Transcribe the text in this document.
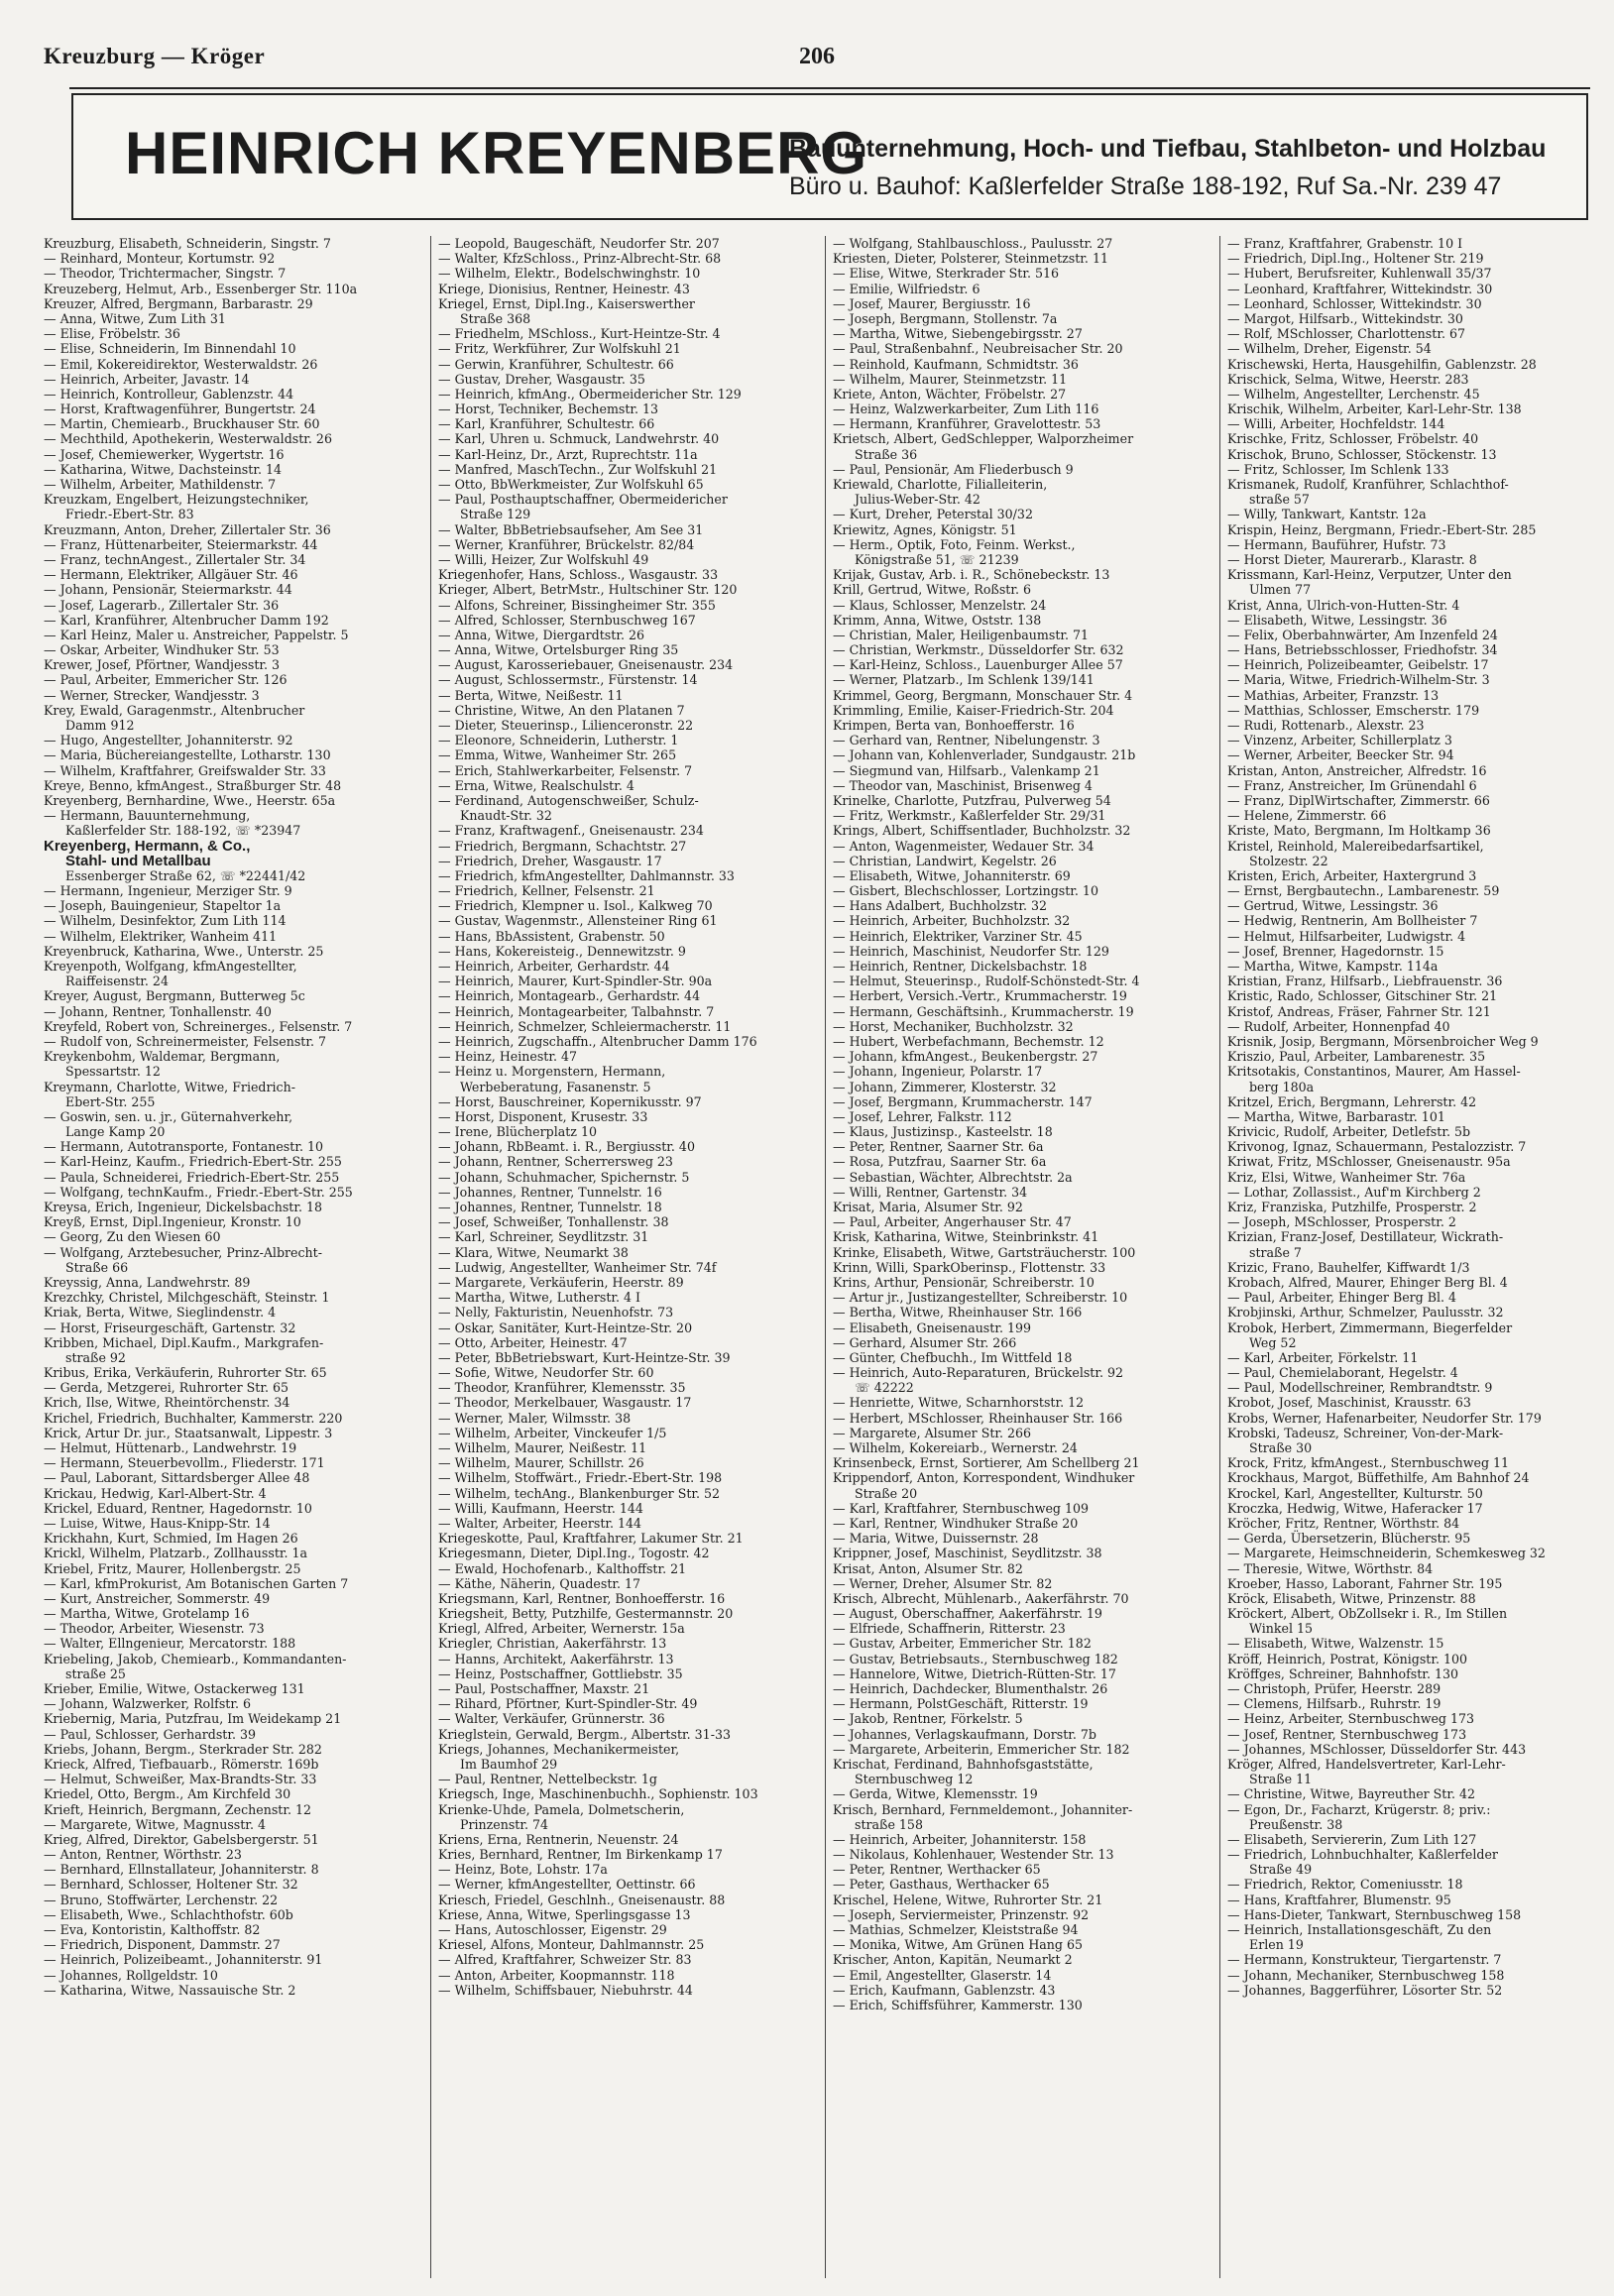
Kreuzburg — Kröger	206
HEINRICH KREYENBERG
Bauunternehmung, Hoch- und Tiefbau, Stahlbeton- und Holzbau
Büro u. Bauhof: Kaßlerfelder Straße 188-192, Ruf Sa.-Nr. 239 47
Kreuzburg, Elisabeth, Schneiderin, Singstr. 7
— Reinhard, Monteur, Kortumstr. 92
— Theodor, Trichtermacher, Singstr. 7
Kreuzeberg, Helmut, Arb., Essenberger Str. 110a
Kreuzer, Alfred, Bergmann, Barbarastr. 29
— Anna, Witwe, Zum Lith 31
— Elise, Fröbelstr. 36
— Elise, Schneiderin, Im Binnendahl 10
— Emil, Kokereidirektor, Westerwaldstr. 26
— Heinrich, Arbeiter, Javastr. 14
— Heinrich, Kontrolleur, Gablenzstr. 44
— Horst, Kraftwagenführer, Bungertstr. 24
— Martin, Chemiearb., Bruckhauser Str. 60
— Mechthild, Apothekerin, Westerwaldstr. 26
— Josef, Chemiewerker, Wygertstr. 16
— Katharina, Witwe, Dachsteinstr. 14
— Wilhelm, Arbeiter, Mathildenstr. 7
Kreuzkam, Engelbert, Heizungstechniker,
Friedr.-Ebert-Str. 83
Kreuzmann, Anton, Dreher, Zillertaler Str. 36
— Franz, Hüttenarbeiter, Steiermarkstr. 44
— Franz, technAngest., Zillertaler Str. 34
— Hermann, Elektriker, Allgäuer Str. 46
— Johann, Pensionär, Steiermarkstr. 44
— Josef, Lagerarb., Zillertaler Str. 36
— Karl, Kranführer, Altenbrucher Damm 192
— Karl Heinz, Maler u. Anstreicher, Pappelstr. 5
— Oskar, Arbeiter, Windhuker Str. 53
Krewer, Josef, Pförtner, Wandjesstr. 3
— Paul, Arbeiter, Emmericher Str. 126
— Werner, Strecker, Wandjesstr. 3
Krey, Ewald, Garagenmstr., Altenbrucher
Damm 912
— Hugo, Angestellter, Johanniterstr. 92
— Maria, Büchereiangestellte, Lotharstr. 130
— Wilhelm, Kraftfahrer, Greifswalder Str. 33
Kreye, Benno, kfmAngest., Straßburger Str. 48
Kreyenberg, Bernhardine, Wwe., Heerstr. 65a
— Hermann, Bauunternehmung,
Kaßlerfelder Str. 188-192, ☏ *23947
Kreyenberg, Hermann, & Co.,
Stahl- und Metallbau
Essenberger Straße 62, ☏ *22441/42
— Hermann, Ingenieur, Merziger Str. 9
— Joseph, Bauingenieur, Stapeltor 1a
— Wilhelm, Desinfektor, Zum Lith 114
— Wilhelm, Elektriker, Wanheim 411
Kreyenbruck, Katharina, Wwe., Unterstr. 25
Kreyenpoth, Wolfgang, kfmAngestellter,
Raiffeisenstr. 24
Kreyer, August, Bergmann, Butterweg 5c
— Johann, Rentner, Tonhallenstr. 40
Kreyfeld, Robert von, Schreinerges., Felsenstr. 7
— Rudolf von, Schreinermeister, Felsenstr. 7
Kreykenbohm, Waldemar, Bergmann,
Spessartstr. 12
Kreymann, Charlotte, Witwe, Friedrich-
Ebert-Str. 255
— Goswin, sen. u. jr., Güternahverkehr,
Lange Kamp 20
— Hermann, Autotransporte, Fontanestr. 10
— Karl-Heinz, Kaufm., Friedrich-Ebert-Str. 255
— Paula, Schneiderei, Friedrich-Ebert-Str. 255
— Wolfgang, technKaufm., Friedr.-Ebert-Str. 255
Kreysa, Erich, Ingenieur, Dickelsbachstr. 18
Kreyß, Ernst, Dipl.Ingenieur, Kronstr. 10
— Georg, Zu den Wiesen 60
— Wolfgang, Arztebesucher, Prinz-Albrecht-
Straße 66
Kreyssig, Anna, Landwehrstr. 89
Krezchky, Christel, Milchgeschäft, Steinstr. 1
Kriak, Berta, Witwe, Sieglindenstr. 4
— Horst, Friseurgeschäft, Gartenstr. 32
Kribben, Michael, Dipl.Kaufm., Markgrafen-
straße 92
Kribus, Erika, Verkäuferin, Ruhrorter Str. 65
— Gerda, Metzgerei, Ruhrorter Str. 65
Krich, Ilse, Witwe, Rheintörchenstr. 34
Krichel, Friedrich, Buchhalter, Kammerstr. 220
Krick, Artur Dr. jur., Staatsanwalt, Lippestr. 3
— Helmut, Hüttenarb., Landwehrstr. 19
— Hermann, Steuerbevollm., Fliederstr. 171
— Paul, Laborant, Sittardsberger Allee 48
Krickau, Hedwig, Karl-Albert-Str. 4
Krickel, Eduard, Rentner, Hagedornstr. 10
— Luise, Witwe, Haus-Knipp-Str. 14
Krickhahn, Kurt, Schmied, Im Hagen 26
Krickl, Wilhelm, Platzarb., Zollhausstr. 1a
Kriebel, Fritz, Maurer, Hollenbergstr. 25
— Karl, kfmProkurist, Am Botanischen Garten 7
— Kurt, Anstreicher, Sommerstr. 49
— Martha, Witwe, Grotelamp 16
— Theodor, Arbeiter, Wiesenstr. 73
— Walter, Ellngenieur, Mercatorstr. 188
Kriebeling, Jakob, Chemiearb., Kommandanten-
straße 25
Krieber, Emilie, Witwe, Ostackerweg 131
— Johann, Walzwerker, Rolfstr. 6
Kriebernig, Maria, Putzfrau, Im Weidekamp 21
— Paul, Schlosser, Gerhardstr. 39
Kriebs, Johann, Bergm., Sterkrader Str. 282
Krieck, Alfred, Tiefbauarb., Römerstr. 169b
— Helmut, Schweißer, Max-Brandts-Str. 33
Kriedel, Otto, Bergm., Am Kirchfeld 30
Krieft, Heinrich, Bergmann, Zechenstr. 12
— Margarete, Witwe, Magnusstr. 4
Krieg, Alfred, Direktor, Gabelsbergerstr. 51
— Anton, Rentner, Wörthstr. 23
— Bernhard, Ellnstallateur, Johanniterstr. 8
— Bernhard, Schlosser, Holtener Str. 32
— Bruno, Stoffwärter, Lerchenstr. 22
— Elisabeth, Wwe., Schlachthofstr. 60b
— Eva, Kontoristin, Kalthoffstr. 82
— Friedrich, Disponent, Dammstr. 27
— Heinrich, Polizeibeamt., Johanniterstr. 91
— Johannes, Rollgeldstr. 10
— Katharina, Witwe, Nassauische Str. 2
— Leopold, Baugeschäft, Neudorfer Str. 207
— Walter, KfzSchloss., Prinz-Albrecht-Str. 68
— Wilhelm, Elektr., Bodelschwinghstr. 10
Kriege, Dionisius, Rentner, Heinestr. 43
Kriegel, Ernst, Dipl.Ing., Kaiserswerther
Straße 368
— Friedhelm, MSchloss., Kurt-Heintze-Str. 4
— Fritz, Werkführer, Zur Wolfskuhl 21
— Gerwin, Kranführer, Schultestr. 66
— Gustav, Dreher, Wasgaustr. 35
— Heinrich, kfmAng., Obermeidericher Str. 129
— Horst, Techniker, Bechemstr. 13
— Karl, Kranführer, Schultestr. 66
— Karl, Uhren u. Schmuck, Landwehrstr. 40
— Karl-Heinz, Dr., Arzt, Ruprechtstr. 11a
— Manfred, MaschTechn., Zur Wolfskuhl 21
— Otto, BbWerkmeister, Zur Wolfskuhl 65
— Paul, Posthauptschaffner, Obermeidericher
Straße 129
— Walter, BbBetriebsaufseher, Am See 31
— Werner, Kranführer, Brückelstr. 82/84
— Willi, Heizer, Zur Wolfskuhl 49
Kriegenhofer, Hans, Schloss., Wasgaustr. 33
Krieger, Albert, BetrMstr., Hultschiner Str. 120
— Alfons, Schreiner, Bissingheimer Str. 355
— Alfred, Schlosser, Sternbuschweg 167
— Anna, Witwe, Diergardtstr. 26
— Anna, Witwe, Ortelsburger Ring 35
— August, Karosseriebauer, Gneisenaustr. 234
— August, Schlossermstr., Fürstenstr. 14
— Berta, Witwe, Neißestr. 11
— Christine, Witwe, An den Platanen 7
— Dieter, Steuerinsp., Lilienceronstr. 22
— Eleonore, Schneiderin, Lutherstr. 1
— Emma, Witwe, Wanheimer Str. 265
— Erich, Stahlwerkarbeiter, Felsenstr. 7
— Erna, Witwe, Realschulstr. 4
— Ferdinand, Autogenschweißer, Schulz-
Knaudt-Str. 32
— Franz, Kraftwagenf., Gneisenaustr. 234
— Friedrich, Bergmann, Schachtstr. 27
— Friedrich, Dreher, Wasgaustr. 17
— Friedrich, kfmAngestellter, Dahlmannstr. 33
— Friedrich, Kellner, Felsenstr. 21
— Friedrich, Klempner u. Isol., Kalkweg 70
— Gustav, Wagenmstr., Allensteiner Ring 61
— Hans, BbAssistent, Grabenstr. 50
— Hans, Kokereisteig., Dennewitzstr. 9
— Heinrich, Arbeiter, Gerhardstr. 44
— Heinrich, Maurer, Kurt-Spindler-Str. 90a
— Heinrich, Montagearb., Gerhardstr. 44
— Heinrich, Montagearbeiter, Talbahnstr. 7
— Heinrich, Schmelzer, Schleiermacherstr. 11
— Heinrich, Zugschaffn., Altenbrucher Damm 176
— Heinz, Heinestr. 47
— Heinz u. Morgenstern, Hermann,
Werbeberatung, Fasanenstr. 5
— Horst, Bauschreiner, Kopernikusstr. 97
— Horst, Disponent, Krusestr. 33
— Irene, Blücherplatz 10
— Johann, RbBeamt. i. R., Bergiusstr. 40
— Johann, Rentner, Scherrersweg 23
— Johann, Schuhmacher, Spichernstr. 5
— Johannes, Rentner, Tunnelstr. 16
— Johannes, Rentner, Tunnelstr. 18
— Josef, Schweißer, Tonhallenstr. 38
— Karl, Schreiner, Seydlitzstr. 31
— Klara, Witwe, Neumarkt 38
— Ludwig, Angestellter, Wanheimer Str. 74f
— Margarete, Verkäuferin, Heerstr. 89
— Martha, Witwe, Lutherstr. 4 I
— Nelly, Fakturistin, Neuenhofstr. 73
— Oskar, Sanitäter, Kurt-Heintze-Str. 20
— Otto, Arbeiter, Heinestr. 47
— Peter, BbBetriebswart, Kurt-Heintze-Str. 39
— Sofie, Witwe, Neudorfer Str. 60
— Theodor, Kranführer, Klemensstr. 35
— Theodor, Merkelbauer, Wasgaustr. 17
— Werner, Maler, Wilmsstr. 38
— Wilhelm, Arbeiter, Vinckeufer 1/5
— Wilhelm, Maurer, Neißestr. 11
— Wilhelm, Maurer, Schillstr. 26
— Wilhelm, Stoffwärt., Friedr.-Ebert-Str. 198
— Wilhelm, techAng., Blankenburger Str. 52
— Willi, Kaufmann, Heerstr. 144
— Walter, Arbeiter, Heerstr. 144
Kriegeskotte, Paul, Kraftfahrer, Lakumer Str. 21
Kriegesmann, Dieter, Dipl.Ing., Togostr. 42
— Ewald, Hochofenarb., Kalthoffstr. 21
— Käthe, Näherin, Quadestr. 17
Kriegsmann, Karl, Rentner, Bonhoefferstr. 16
Kriegsheit, Betty, Putzhilfe, Gestermannstr. 20
Kriegl, Alfred, Arbeiter, Wernerstr. 15a
Kriegler, Christian, Aakerfährstr. 13
— Hanns, Architekt, Aakerfährstr. 13
— Heinz, Postschaffner, Gottliebstr. 35
— Paul, Postschaffner, Maxstr. 21
— Rihard, Pförtner, Kurt-Spindler-Str. 49
— Walter, Verkäufer, Grünnerstr. 36
Krieglstein, Gerwald, Bergm., Albertstr. 31-33
Kriegs, Johannes, Mechanikermeister,
Im Baumhof 29
— Paul, Rentner, Nettelbeckstr. 1g
Kriegsch, Inge, Maschinenbuchh., Sophienstr. 103
Krienke-Uhde, Pamela, Dolmetscherin,
Prinzenstr. 74
Kriens, Erna, Rentnerin, Neuenstr. 24
Kries, Bernhard, Rentner, Im Birkenkamp 17
— Heinz, Bote, Lohstr. 17a
— Werner, kfmAngestellter, Oettinstr. 66
Kriesch, Friedel, Geschlnh., Gneisenaustr. 88
Kriese, Anna, Witwe, Sperlingsgasse 13
— Hans, Autoschlosser, Eigenstr. 29
Kriesel, Alfons, Monteur, Dahlmannstr. 25
— Alfred, Kraftfahrer, Schweizer Str. 83
— Anton, Arbeiter, Koopmannstr. 118
— Wilhelm, Schiffsbauer, Niebuhrstr. 44
— Wolfgang, Stahlbauschloss., Paulusstr. 27
Kriesten, Dieter, Polsterer, Steinmetzstr. 11
— Elise, Witwe, Sterkrader Str. 516
— Emilie, Wilfriedstr. 6
— Josef, Maurer, Bergiusstr. 16
— Joseph, Bergmann, Stollenstr. 7a
— Martha, Witwe, Siebengebirgsstr. 27
— Paul, Straßenbahnf., Neubreisacher Str. 20
— Reinhold, Kaufmann, Schmidtstr. 36
— Wilhelm, Maurer, Steinmetzstr. 11
Kriete, Anton, Wächter, Fröbelstr. 27
— Heinz, Walzwerkarbeiter, Zum Lith 116
— Hermann, Kranführer, Gravelottestr. 53
Krietsch, Albert, GedSchlepper, Walporzheimer
Straße 36
— Paul, Pensionär, Am Fliederbusch 9
Kriewald, Charlotte, Filialleiterin,
Julius-Weber-Str. 42
— Kurt, Dreher, Peterstal 30/32
Kriewitz, Agnes, Königstr. 51
— Herm., Optik, Foto, Feinm. Werkst.,
Königstraße 51, ☏ 21239
Krijak, Gustav, Arb. i. R., Schönebeckstr. 13
Krill, Gertrud, Witwe, Roßstr. 6
— Klaus, Schlosser, Menzelstr. 24
Krimm, Anna, Witwe, Oststr. 138
— Christian, Maler, Heiligenbaumstr. 71
— Christian, Werkmstr., Düsseldorfer Str. 632
— Karl-Heinz, Schloss., Lauenburger Allee 57
— Werner, Platzarb., Im Schlenk 139/141
Krimmel, Georg, Bergmann, Monschauer Str. 4
Krimmling, Emilie, Kaiser-Friedrich-Str. 204
Krimpen, Berta van, Bonhoefferstr. 16
— Gerhard van, Rentner, Nibelungenstr. 3
— Johann van, Kohlenverlader, Sundgaustr. 21b
— Siegmund van, Hilfsarb., Valenkamp 21
— Theodor van, Maschinist, Brisenweg 4
Krinelke, Charlotte, Putzfrau, Pulverweg 54
— Fritz, Werkmstr., Kaßlerfelder Str. 29/31
Krings, Albert, Schiffsentlader, Buchholzstr. 32
— Anton, Wagenmeister, Wedauer Str. 34
— Christian, Landwirt, Kegelstr. 26
— Elisabeth, Witwe, Johanniterstr. 69
— Gisbert, Blechschlosser, Lortzingstr. 10
— Hans Adalbert, Buchholzstr. 32
— Heinrich, Arbeiter, Buchholzstr. 32
— Heinrich, Elektriker, Varziner Str. 45
— Heinrich, Maschinist, Neudorfer Str. 129
— Heinrich, Rentner, Dickelsbachstr. 18
— Helmut, Steuerinsp., Rudolf-Schönstedt-Str. 4
— Herbert, Versich.-Vertr., Krummacherstr. 19
— Hermann, Geschäftsinh., Krummacherstr. 19
— Horst, Mechaniker, Buchholzstr. 32
— Hubert, Werbefachmann, Bechemstr. 12
— Johann, kfmAngest., Beukenbergstr. 27
— Johann, Ingenieur, Polarstr. 17
— Johann, Zimmerer, Klosterstr. 32
— Josef, Bergmann, Krummacherstr. 147
— Josef, Lehrer, Falkstr. 112
— Klaus, Justizinsp., Kasteelstr. 18
— Peter, Rentner, Saarner Str. 6a
— Rosa, Putzfrau, Saarner Str. 6a
— Sebastian, Wächter, Albrechtstr. 2a
— Willi, Rentner, Gartenstr. 34
Krisat, Maria, Alsumer Str. 92
— Paul, Arbeiter, Angerhauser Str. 47
Krisk, Katharina, Witwe, Steinbrinkstr. 41
Krinke, Elisabeth, Witwe, Gartsträucherstr. 100
Krinn, Willi, SparkOberinsp., Flottenstr. 33
Krins, Arthur, Pensionär, Schreiberstr. 10
— Artur jr., Justizangestellter, Schreiberstr. 10
— Bertha, Witwe, Rheinhauser Str. 166
— Elisabeth, Gneisenaustr. 199
— Gerhard, Alsumer Str. 266
— Günter, Chefbuchh., Im Wittfeld 18
— Heinrich, Auto-Reparaturen, Brückelstr. 92
☏ 42222
— Henriette, Witwe, Scharnhorststr. 12
— Herbert, MSchlosser, Rheinhauser Str. 166
— Margarete, Alsumer Str. 266
— Wilhelm, Kokereiarb., Wernerstr. 24
Krinsenbeck, Ernst, Sortierer, Am Schellberg 21
Krippendorf, Anton, Korrespondent, Windhuker
Straße 20
— Karl, Kraftfahrer, Sternbuschweg 109
— Karl, Rentner, Windhuker Straße 20
— Maria, Witwe, Duissernstr. 28
Krippner, Josef, Maschinist, Seydlitzstr. 38
Krisat, Anton, Alsumer Str. 82
— Werner, Dreher, Alsumer Str. 82
Krisch, Albrecht, Mühlenarb., Aakerfährstr. 70
— August, Oberschaffner, Aakerfährstr. 19
— Elfriede, Schaffnerin, Ritterstr. 23
— Gustav, Arbeiter, Emmericher Str. 182
— Gustav, Betriebsauts., Sternbuschweg 182
— Hannelore, Witwe, Dietrich-Rütten-Str. 17
— Heinrich, Dachdecker, Blumenthalstr. 26
— Hermann, PolstGeschäft, Ritterstr. 19
— Jakob, Rentner, Förkelstr. 5
— Johannes, Verlagskaufmann, Dorstr. 7b
— Margarete, Arbeiterin, Emmericher Str. 182
Krischat, Ferdinand, Bahnhofsgaststätte,
Sternbuschweg 12
— Gerda, Witwe, Klemensstr. 19
Krisch, Bernhard, Fernmeldemont., Johanniter-
straße 158
— Heinrich, Arbeiter, Johanniterstr. 158
— Nikolaus, Kohlenhauer, Westender Str. 13
— Peter, Rentner, Werthacker 65
— Peter, Gasthaus, Werthacker 65
Krischel, Helene, Witwe, Ruhrorter Str. 21
— Joseph, Serviermeister, Prinzenstr. 92
— Mathias, Schmelzer, Kleiststraße 94
— Monika, Witwe, Am Grünen Hang 65
Krischer, Anton, Kapitän, Neumarkt 2
— Emil, Angestellter, Glaserstr. 14
— Erich, Kaufmann, Gablenzstr. 43
— Erich, Schiffsführer, Kammerstr. 130
— Franz, Kraftfahrer, Grabenstr. 10 I
— Friedrich, Dipl.Ing., Holtener Str. 219
— Hubert, Berufsreiter, Kuhlenwall 35/37
— Leonhard, Kraftfahrer, Wittekindstr. 30
— Leonhard, Schlosser, Wittekindstr. 30
— Margot, Hilfsarb., Wittekindstr. 30
— Rolf, MSchlosser, Charlottenstr. 67
— Wilhelm, Dreher, Eigenstr. 54
Krischewski, Herta, Hausgehilfin, Gablenzstr. 28
Krischick, Selma, Witwe, Heerstr. 283
— Wilhelm, Angestellter, Lerchenstr. 45
Krischik, Wilhelm, Arbeiter, Karl-Lehr-Str. 138
— Willi, Arbeiter, Hochfeldstr. 144
Krischke, Fritz, Schlosser, Fröbelstr. 40
Krischok, Bruno, Schlosser, Stöckenstr. 13
— Fritz, Schlosser, Im Schlenk 133
Krismanek, Rudolf, Kranführer, Schlachthof-
straße 57
— Willy, Tankwart, Kantstr. 12a
Krispin, Heinz, Bergmann, Friedr.-Ebert-Str. 285
— Hermann, Bauführer, Hufstr. 73
— Horst Dieter, Maurerarb., Klarastr. 8
Krissmann, Karl-Heinz, Verputzer, Unter den
Ulmen 77
Krist, Anna, Ulrich-von-Hutten-Str. 4
— Elisabeth, Witwe, Lessingstr. 36
— Felix, Oberbahnwärter, Am Inzenfeld 24
— Hans, Betriebsschlosser, Friedhofstr. 34
— Heinrich, Polizeibeamter, Geibelstr. 17
— Maria, Witwe, Friedrich-Wilhelm-Str. 3
— Mathias, Arbeiter, Franzstr. 13
— Matthias, Schlosser, Emscherstr. 179
— Rudi, Rottenarb., Alexstr. 23
— Vinzenz, Arbeiter, Schillerplatz 3
— Werner, Arbeiter, Beecker Str. 94
Kristan, Anton, Anstreicher, Alfredstr. 16
— Franz, Anstreicher, Im Grünendahl 6
— Franz, DiplWirtschafter, Zimmerstr. 66
— Helene, Zimmerstr. 66
Kriste, Mato, Bergmann, Im Holtkamp 36
Kristel, Reinhold, Malereibedarfsartikel,
Stolzestr. 22
Kristen, Erich, Arbeiter, Haxtergrund 3
— Ernst, Bergbautechn., Lambarenestr. 59
— Gertrud, Witwe, Lessingstr. 36
— Hedwig, Rentnerin, Am Bollheister 7
— Helmut, Hilfsarbeiter, Ludwigstr. 4
— Josef, Brenner, Hagedornstr. 15
— Martha, Witwe, Kampstr. 114a
Kristian, Franz, Hilfsarb., Liebfrauenstr. 36
Kristic, Rado, Schlosser, Gitschiner Str. 21
Kristof, Andreas, Fräser, Fahrner Str. 121
— Rudolf, Arbeiter, Honnenpfad 40
Krisnik, Josip, Bergmann, Mörsenbroicher Weg 9
Kriszio, Paul, Arbeiter, Lambarenestr. 35
Kritsotakis, Constantinos, Maurer, Am Hassel-
berg 180a
Kritzel, Erich, Bergmann, Lehrerstr. 42
— Martha, Witwe, Barbarastr. 101
Krivicic, Rudolf, Arbeiter, Detlefstr. 5b
Krivonog, Ignaz, Schauermann, Pestalozzistr. 7
Kriwat, Fritz, MSchlosser, Gneisenaustr. 95a
Kriz, Elsi, Witwe, Wanheimer Str. 76a
— Lothar, Zollassist., Auf'm Kirchberg 2
Kriz, Franziska, Putzhilfe, Prosperstr. 2
— Joseph, MSchlosser, Prosperstr. 2
Krizian, Franz-Josef, Destillateur, Wickrath-
straße 7
Krizic, Frano, Bauhelfer, Kiffwardt 1/3
Krobach, Alfred, Maurer, Ehinger Berg Bl. 4
— Paul, Arbeiter, Ehinger Berg Bl. 4
Krobjinski, Arthur, Schmelzer, Paulusstr. 32
Krobok, Herbert, Zimmermann, Biegerfelder
Weg 52
— Karl, Arbeiter, Förkelstr. 11
— Paul, Chemielaborant, Hegelstr. 4
— Paul, Modellschreiner, Rembrandtstr. 9
Krobot, Josef, Maschinist, Krausstr. 63
Krobs, Werner, Hafenarbeiter, Neudorfer Str. 179
Krobski, Tadeusz, Schreiner, Von-der-Mark-
Straße 30
Krock, Fritz, kfmAngest., Sternbuschweg 11
Krockhaus, Margot, Büffethilfe, Am Bahnhof 24
Krockel, Karl, Angestellter, Kulturstr. 50
Kroczka, Hedwig, Witwe, Haferacker 17
Kröcher, Fritz, Rentner, Wörthstr. 84
— Gerda, Übersetzerin, Blücherstr. 95
— Margarete, Heimschneiderin, Schemkesweg 32
— Theresie, Witwe, Wörthstr. 84
Kroeber, Hasso, Laborant, Fahrner Str. 195
Kröck, Elisabeth, Witwe, Prinzenstr. 88
Kröckert, Albert, ObZollsekr i. R., Im Stillen
Winkel 15
— Elisabeth, Witwe, Walzenstr. 15
Kröff, Heinrich, Postrat, Königstr. 100
Kröffges, Schreiner, Bahnhofstr. 130
— Christoph, Prüfer, Heerstr. 289
— Clemens, Hilfsarb., Ruhrstr. 19
— Heinz, Arbeiter, Sternbuschweg 173
— Josef, Rentner, Sternbuschweg 173
— Johannes, MSchlosser, Düsseldorfer Str. 443
Kröger, Alfred, Handelsvertreter, Karl-Lehr-
Straße 11
— Christine, Witwe, Bayreuther Str. 42
— Egon, Dr., Facharzt, Krügerstr. 8; priv.:
Preußenstr. 38
— Elisabeth, Serviererin, Zum Lith 127
— Friedrich, Lohnbuchhalter, Kaßlerfelder
Straße 49
— Friedrich, Rektor, Comeniusstr. 18
— Hans, Kraftfahrer, Blumenstr. 95
— Hans-Dieter, Tankwart, Sternbuschweg 158
— Heinrich, Installationsgeschäft, Zu den
Erlen 19
— Hermann, Konstrukteur, Tiergartenstr. 7
— Johann, Mechaniker, Sternbuschweg 158
— Johannes, Baggerführer, Lösorter Str. 52
